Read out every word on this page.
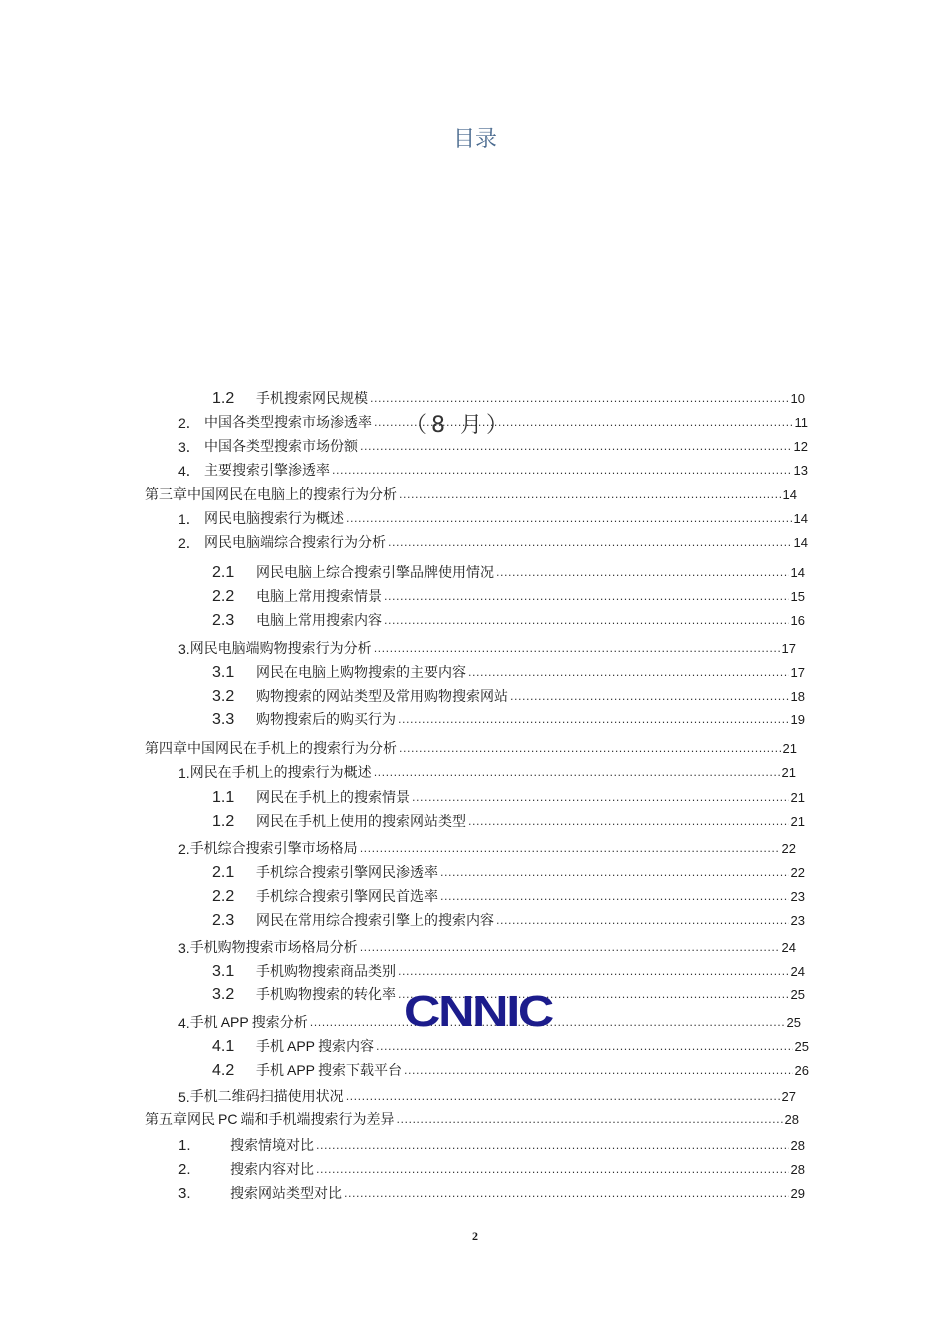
目录
1.2	手机搜索网民规模 .....	10
2． 中国各类型搜索市场渗透率 .....	11
3． 中国各类型搜索市场份额 .....	12
4． 主要搜索引擎渗透率 .....	13
第三章中国网民在电脑上的搜索行为分析 .....	14
1． 网民电脑搜索行为概述 .....	14
2． 网民电脑端综合搜索行为分析 .....	14
2.1	网民电脑上综合搜索引擎品牌使用情况 .....	14
2.2	电脑上常用搜索情景 .....	15
2.3	电脑上常用搜索内容 .....	16
3. 网民电脑端购物搜索行为分析 .....	17
3.1	网民在电脑上购物搜索的主要内容 .....	17
3.2	购物搜索的网站类型及常用购物搜索网站 .....	18
3.3	购物搜索后的购买行为 .....	19
第四章中国网民在手机上的搜索行为分析 .....	21
1. 网民在手机上的搜索行为概述 .....	21
1.1	网民在手机上的搜索情景 .....	21
1.2	网民在手机上使用的搜索网站类型 .....	21
2. 手机综合搜索引擎市场格局 .....	22
2.1	手机综合搜索引擎网民渗透率 .....	22
2.2	手机综合搜索引擎网民首选率 .....	23
2.3	网民在常用综合搜索引擎上的搜索内容 .....	23
3. 手机购物搜索市场格局分析 .....	24
3.1	手机购物搜索商品类别 .....	24
3.2	手机购物搜索的转化率 .....	25
4. 手机 APP 搜索分析 .....	25
4.1	手机 APP 搜索内容 .....	25
4.2	手机 APP 搜索下载平台 .....	26
5. 手机二维码扫描使用状况 .....	27
第五章网民 PC 端和手机端搜索行为差异 .....	28
1.	搜索情境对比 .....	28
2.	搜索内容对比 .....	28
3.	搜索网站类型对比 .....	29
（8 月）
CNNIC
2
